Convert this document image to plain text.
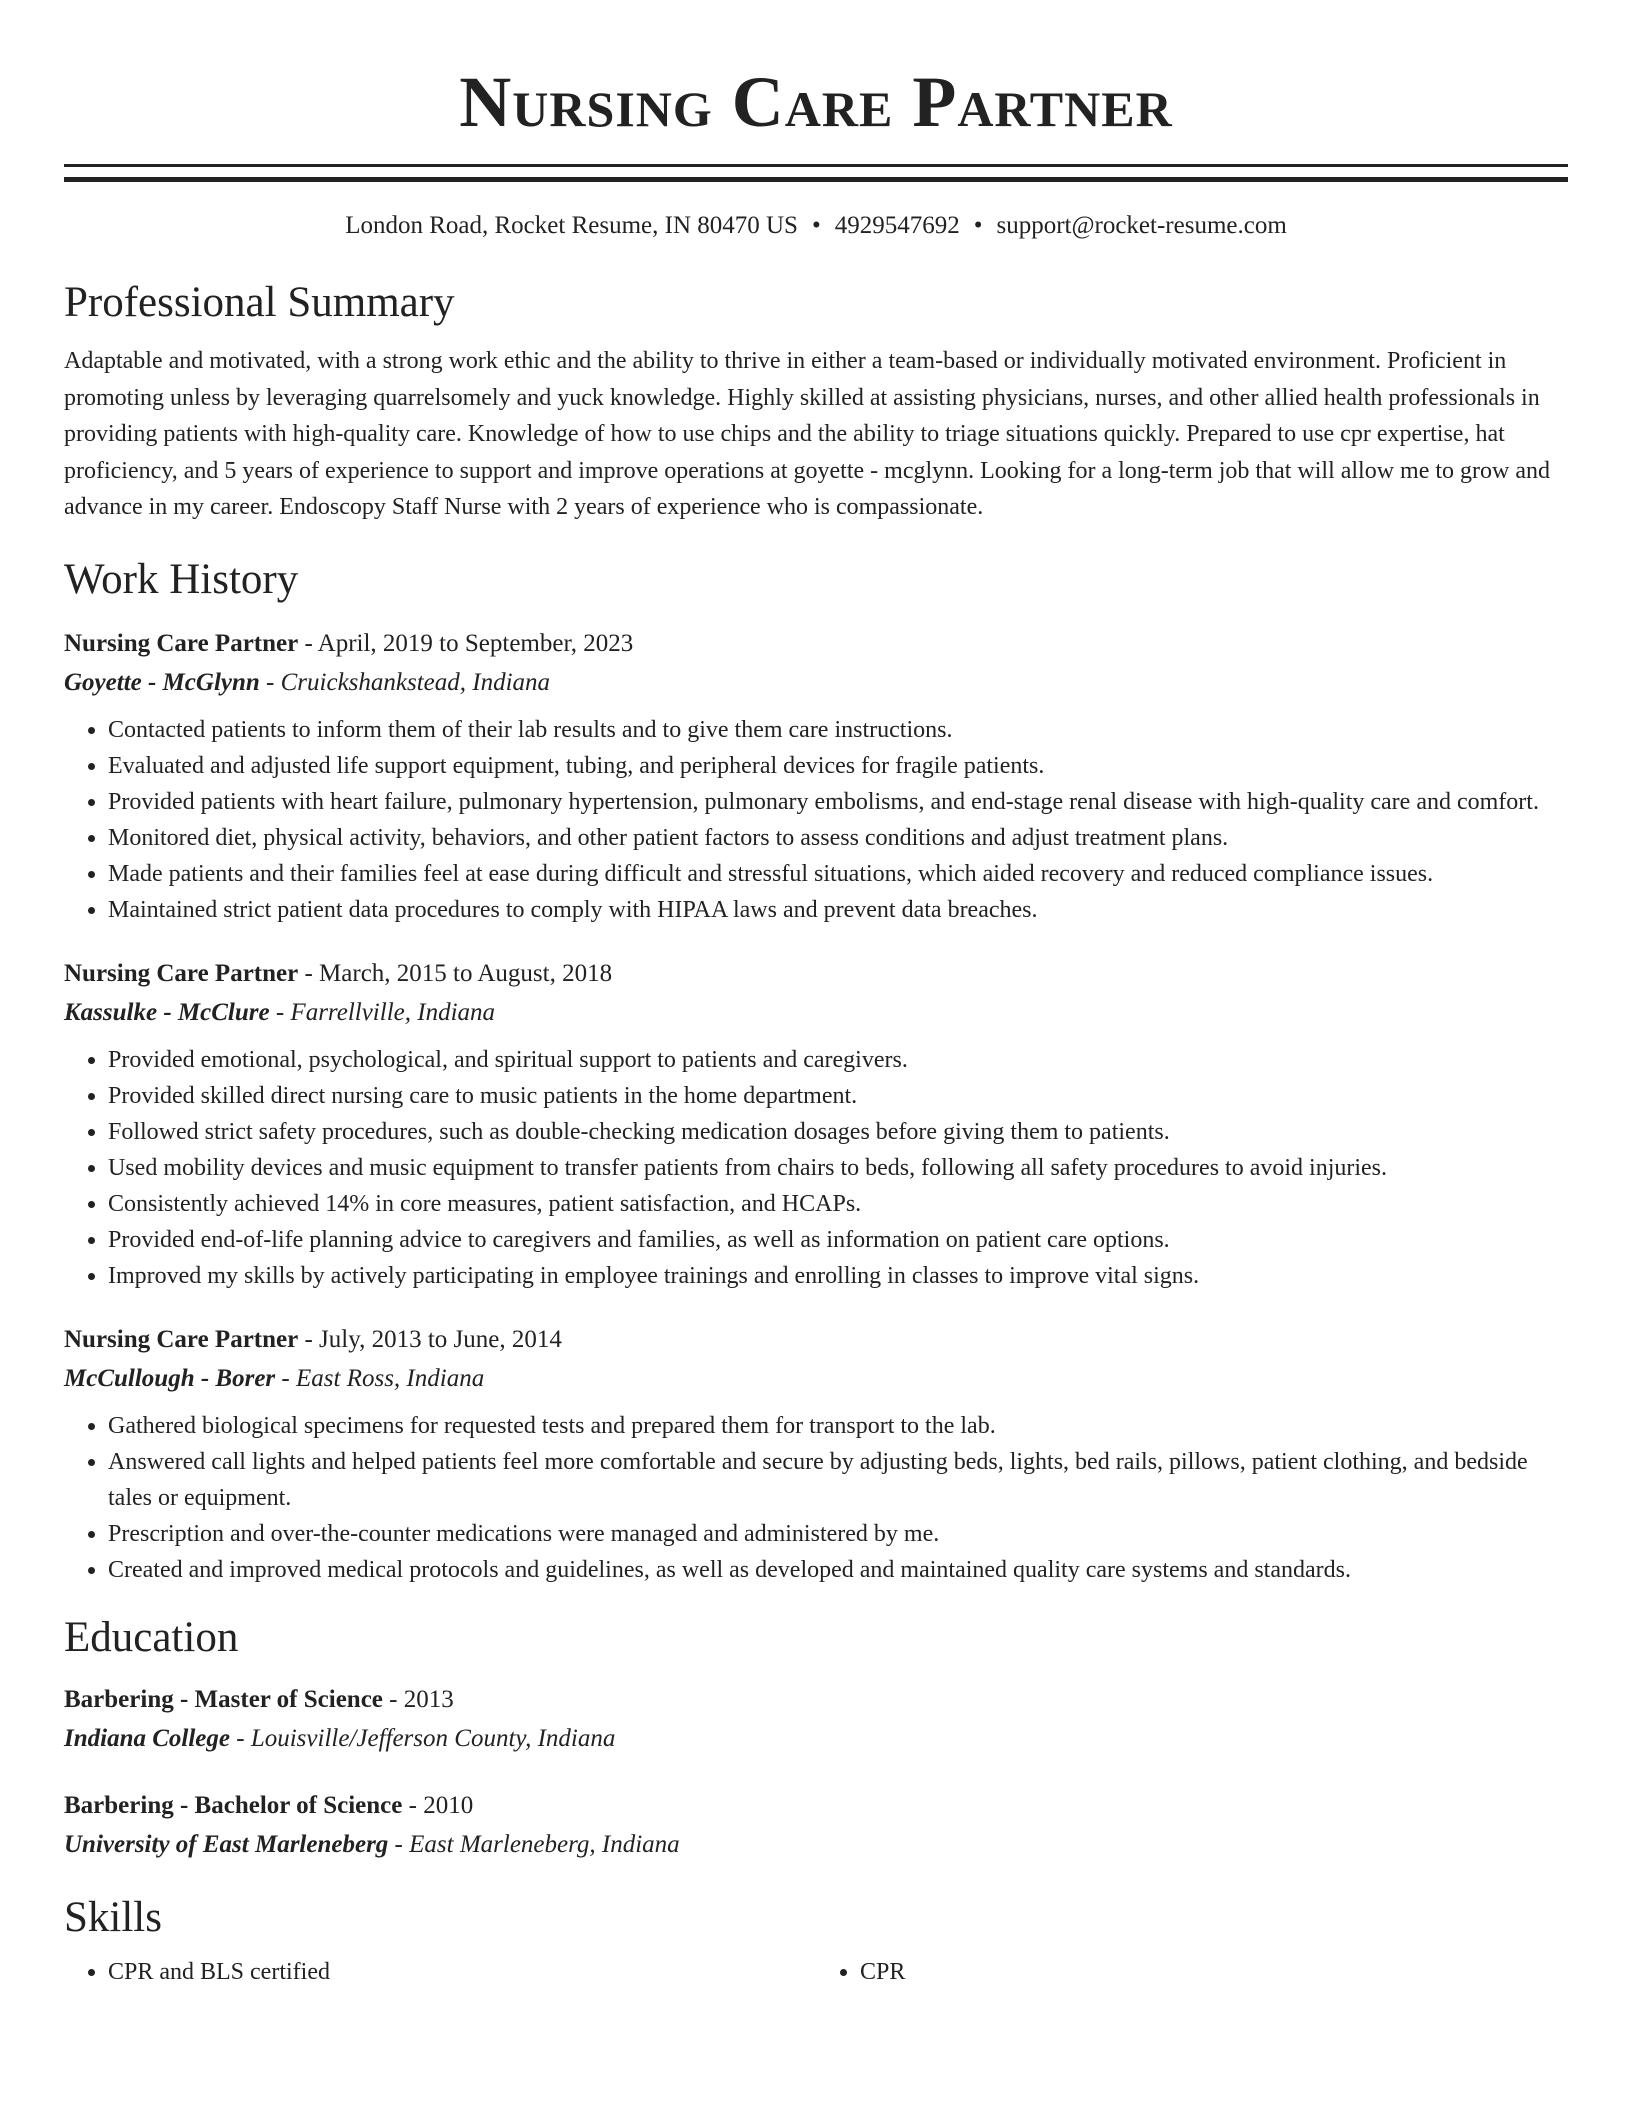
Nursing Care Partner
London Road, Rocket Resume, IN 80470 US • 4929547692 • support@rocket-resume.com
Professional Summary

Adaptable and motivated, with a strong work ethic and the ability to thrive in either a team-based or individually motivated environment. Proficient in promoting unless by leveraging quarrelsomely and yuck knowledge. Highly skilled at assisting physicians, nurses, and other allied health professionals in providing patients with high-quality care. Knowledge of how to use chips and the ability to triage situations quickly. Prepared to use cpr expertise, hat proficiency, and 5 years of experience to support and improve operations at goyette - mcglynn. Looking for a long-term job that will allow me to grow and advance in my career. Endoscopy Staff Nurse with 2 years of experience who is compassionate.

Work History
Nursing Care Partner - April, 2019 to September, 2023
Goyette - McGlynn - Cruickshankstead, Indiana
• Contacted patients to inform them of their lab results and to give them care instructions.
• Evaluated and adjusted life support equipment, tubing, and peripheral devices for fragile patients.
• Provided patients with heart failure, pulmonary hypertension, pulmonary embolisms, and end-stage renal disease with high-quality care and comfort.
• Monitored diet, physical activity, behaviors, and other patient factors to assess conditions and adjust treatment plans.
• Made patients and their families feel at ease during difficult and stressful situations, which aided recovery and reduced compliance issues.
• Maintained strict patient data procedures to comply with HIPAA laws and prevent data breaches.
Nursing Care Partner - March, 2015 to August, 2018
Kassulke - McClure - Farrellville, Indiana
• Provided emotional, psychological, and spiritual support to patients and caregivers.
• Provided skilled direct nursing care to music patients in the home department.
• Followed strict safety procedures, such as double-checking medication dosages before giving them to patients.
• Used mobility devices and music equipment to transfer patients from chairs to beds, following all safety procedures to avoid injuries.
• Consistently achieved 14% in core measures, patient satisfaction, and HCAPs.
• Provided end-of-life planning advice to caregivers and families, as well as information on patient care options.
• Improved my skills by actively participating in employee trainings and enrolling in classes to improve vital signs.
Nursing Care Partner - July, 2013 to June, 2014
McCullough - Borer - East Ross, Indiana
• Gathered biological specimens for requested tests and prepared them for transport to the lab.
• Answered call lights and helped patients feel more comfortable and secure by adjusting beds, lights, bed rails, pillows, patient clothing, and bedside tales or equipment.
• Prescription and over-the-counter medications were managed and administered by me.
• Created and improved medical protocols and guidelines, as well as developed and maintained quality care systems and standards.
Education
Barbering - Master of Science - 2013
Indiana College - Louisville/Jefferson County, Indiana
Barbering - Bachelor of Science - 2010
University of East Marleneberg - East Marleneberg, Indiana
Skills
• CPR and BLS certified
•	CPR
